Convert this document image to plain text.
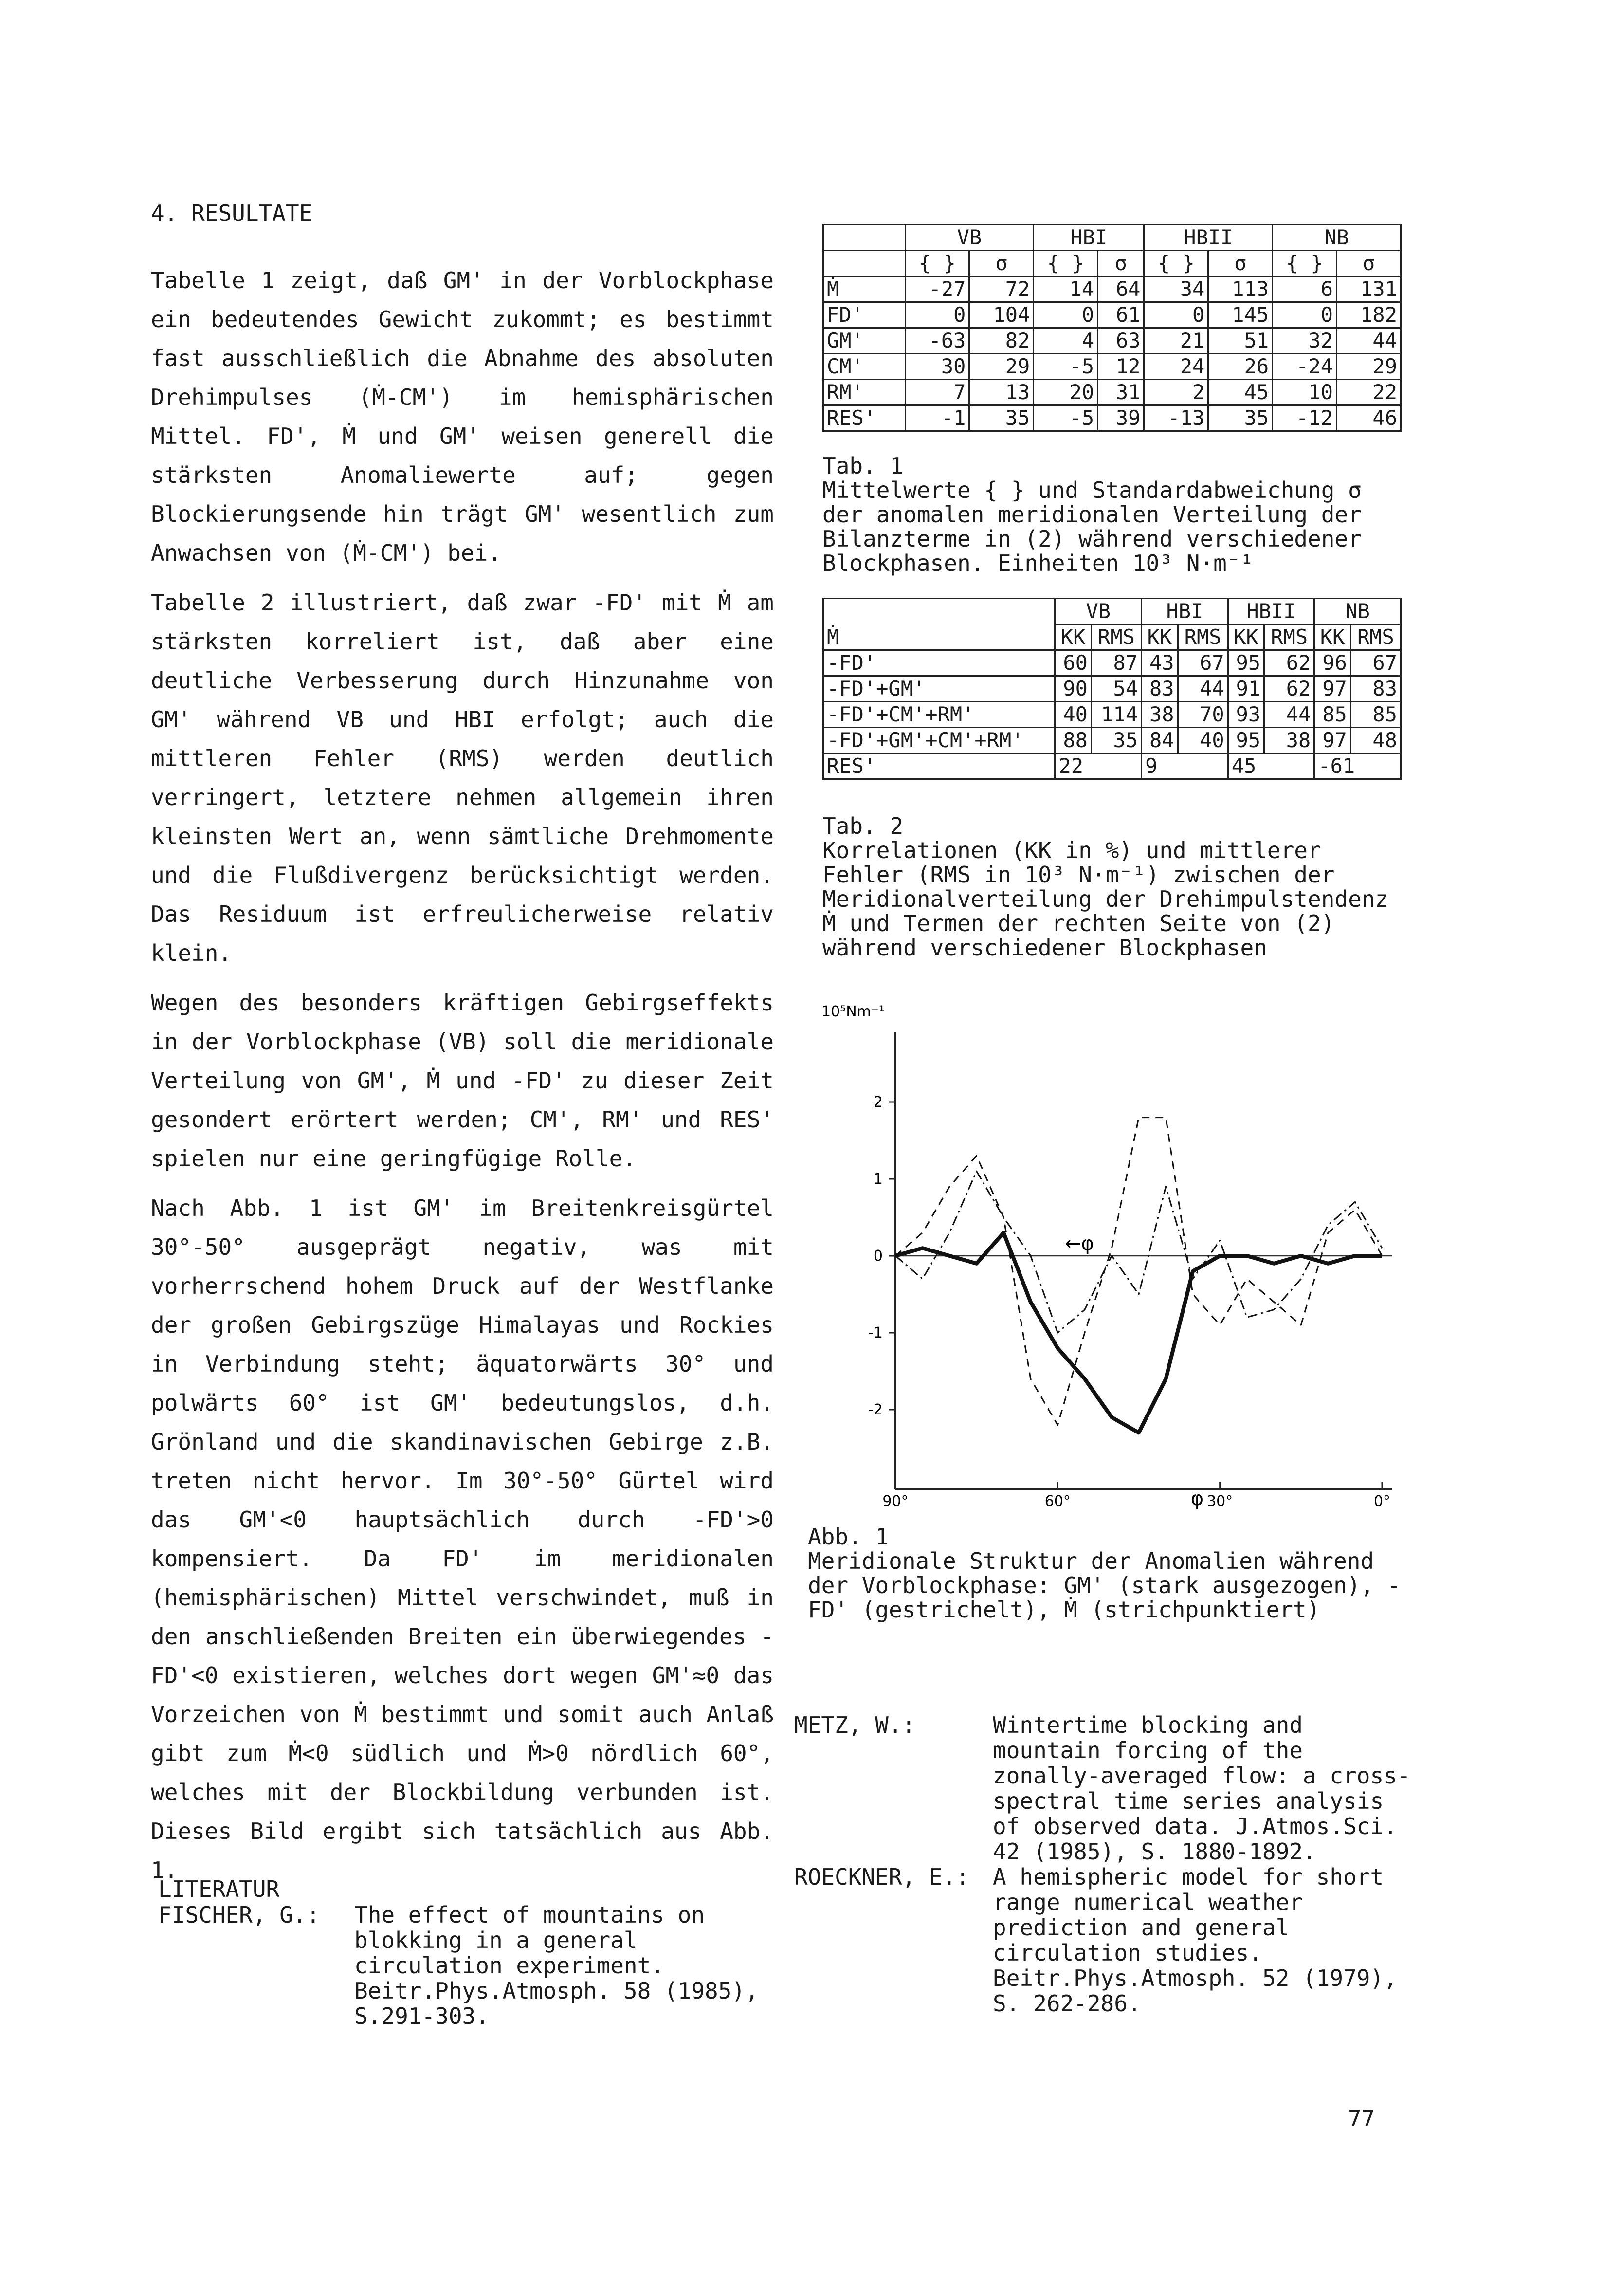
4. RESULTATE

Tabelle 1 zeigt, daß GM' in der Vorblockphase ein bedeutendes Gewicht zukommt; es bestimmt fast ausschließlich die Abnahme des absoluten Drehimpulses (Ṁ-CM') im hemisphärischen Mittel. FD', Ṁ und GM' weisen generell die stärksten Anomaliewerte auf; gegen Blockierungsende hin trägt GM' wesentlich zum Anwachsen von (Ṁ-CM') bei.

Tabelle 2 illustriert, daß zwar -FD' mit Ṁ am stärksten korreliert ist, daß aber eine deutliche Verbesserung durch Hinzunahme von GM' während VB und HBI erfolgt; auch die mittleren Fehler (RMS) werden deutlich verringert, letztere nehmen allgemein ihren kleinsten Wert an, wenn sämtliche Drehmomente und die Flußdivergenz berücksichtigt werden. Das Residuum ist erfreulicherweise relativ klein.

Wegen des besonders kräftigen Gebirgseffekts in der Vorblockphase (VB) soll die meridionale Verteilung von GM', Ṁ und -FD' zu dieser Zeit gesondert erörtert werden; CM', RM' und RES' spielen nur eine geringfügige Rolle.

Nach Abb. 1 ist GM' im Breitenkreisgürtel 30°-50° ausgeprägt negativ, was mit vorherrschend hohem Druck auf der Westflanke der großen Gebirgszüge Himalayas und Rockies in Verbindung steht; äquatorwärts 30° und polwärts 60° ist GM' bedeutungslos, d.h. Grönland und die skandinavischen Gebirge z.B. treten nicht hervor. Im 30°-50° Gürtel wird das GM'<0 hauptsächlich durch -FD'>0 kompensiert. Da FD' im meridionalen (hemisphärischen) Mittel verschwindet, muß in den anschließenden Breiten ein überwiegendes -FD'<0 existieren, welches dort wegen GM'≈0 das Vorzeichen von Ṁ bestimmt und somit auch Anlaß gibt zum Ṁ<0 südlich und Ṁ>0 nördlich 60°, welches mit der Blockbildung verbunden ist. Dieses Bild ergibt sich tatsächlich aus Abb. 1.

	VB		HBI		HBII		NB	
	{ }	σ	{ }	σ	{ }	σ	{ }	σ
Ṁ	-27	72	14	64	34	113	6	131
FD'	0	104	0	61	0	145	0	182
GM'	-63	82	4	63	21	51	32	44
CM'	30	29	-5	12	24	26	-24	29
RM'	7	13	20	31	2	45	10	22
RES'	-1	35	-5	39	-13	35	-12	46
Tab. 1
Mittelwerte { } und Standardabweichung σ der anomalen meridionalen Verteilung der Bilanzterme in (2) während verschiedener Blockphasen. Einheiten 10³ N·m⁻¹
Ṁ	VB		HBI		HBII		NB	
	KK	RMS	KK	RMS	KK	RMS	KK	RMS
-FD'	60	87	43	67	95	62	96	67
-FD'+GM'	90	54	83	44	91	62	97	83
-FD'+CM'+RM'	40	114	38	70	93	44	85	85
-FD'+GM'+CM'+RM'	88	35	84	40	95	38	97	48
RES'	22		9		45		-61	
Tab. 2
Korrelationen (KK in %) und mittlerer Fehler (RMS in 10³ N·m⁻¹) zwischen der Meridionalverteilung der Drehimpulstendenz Ṁ und Termen der rechten Seite von (2) während verschiedener Blockphasen
10⁵Nm⁻¹
2
1
0
-1
-2
90°	60°	30°	0°
←φ
φ
Abb. 1
Meridionale Struktur der Anomalien während der Vorblockphase: GM' (stark ausgezogen), -FD' (gestrichelt), Ṁ (strichpunktiert)
METZ, W.:	Wintertime blocking and mountain forcing of the zonally-averaged flow: a cross-spectral time series analysis of observed data. J.Atmos.Sci. 42 (1985), S. 1880-1892.
ROECKNER, E.: A hemispheric model for short range numerical weather prediction and general circulation studies. Beitr.Phys.Atmosph. 52 (1979), S. 262-286.
LITERATUR
FISCHER, G.: The effect of mountains on blokking in a general circulation experiment. Beitr.Phys.Atmosph. 58 (1985), S.291-303.
77
